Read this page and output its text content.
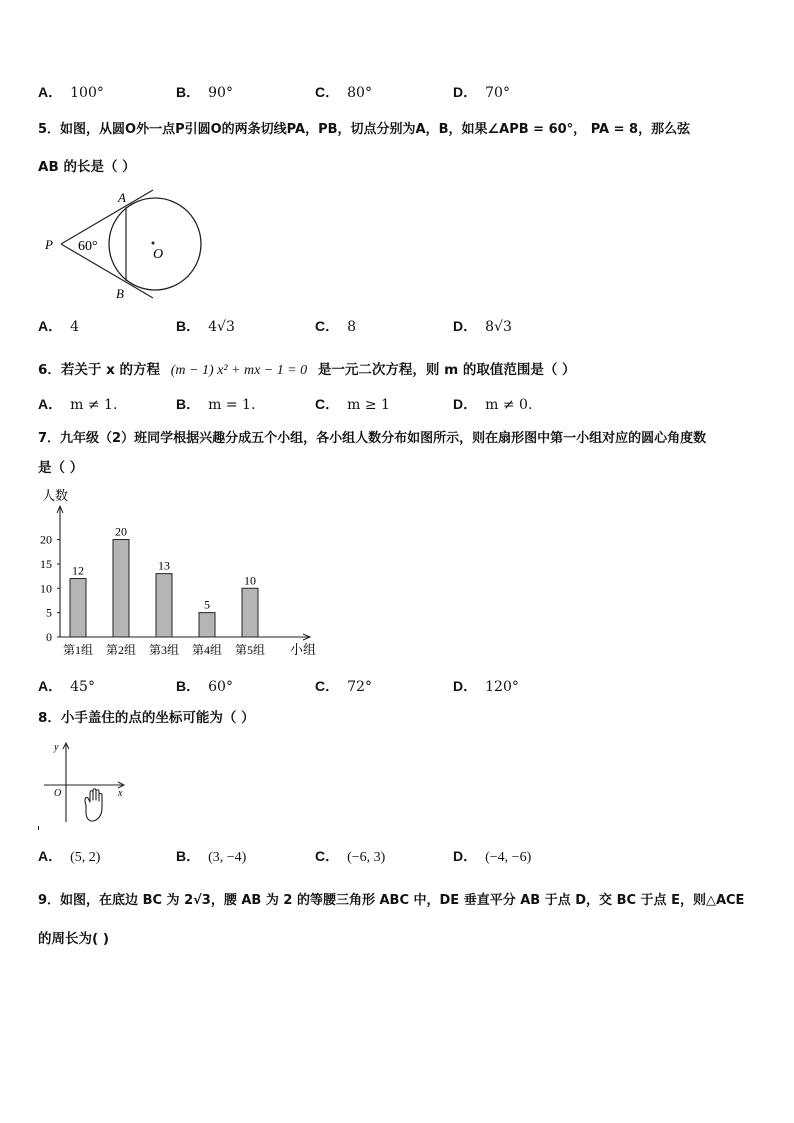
A． 100°	B． 90°	C． 80°	D． 70°
5．如图，从圆O外一点P引圆O的两条切线PA，PB，切点分别为A，B，如果∠APB = 60°， PA = 8，那么弦
AB 的长是（ ）
A
B
P
O
60°
A． 4	B． 4√3	C． 8	D． 8√3
6．若关于 x 的方程 (m − 1) x² + mx − 1 = 0 是一元二次方程，则 m 的取值范围是（ ）
A． m ≠ 1.	B． m = 1.	C． m ≥ 1	D． m ≠ 0.
7．九年级（2）班同学根据兴趣分成五个小组，各小组人数分布如图所示，则在扇形图中第一小组对应的圆心角度数
是（ ）
人数
小组
0
5
10
15
20
12
第1组
20
第2组
13
第3组
5
第4组
10
第5组
A． 45°	B． 60°	C． 72°	D． 120°
8．小手盖住的点的坐标可能为（ ）
y
x
O
A． (5, 2)	B． (3, −4)	C． (−6, 3)	D． (−4, −6)
9．如图，在底边 BC 为 2√3，腰 AB 为 2 的等腰三角形 ABC 中，DE 垂直平分 AB 于点 D，交 BC 于点 E，则△ACE
的周长为( )
